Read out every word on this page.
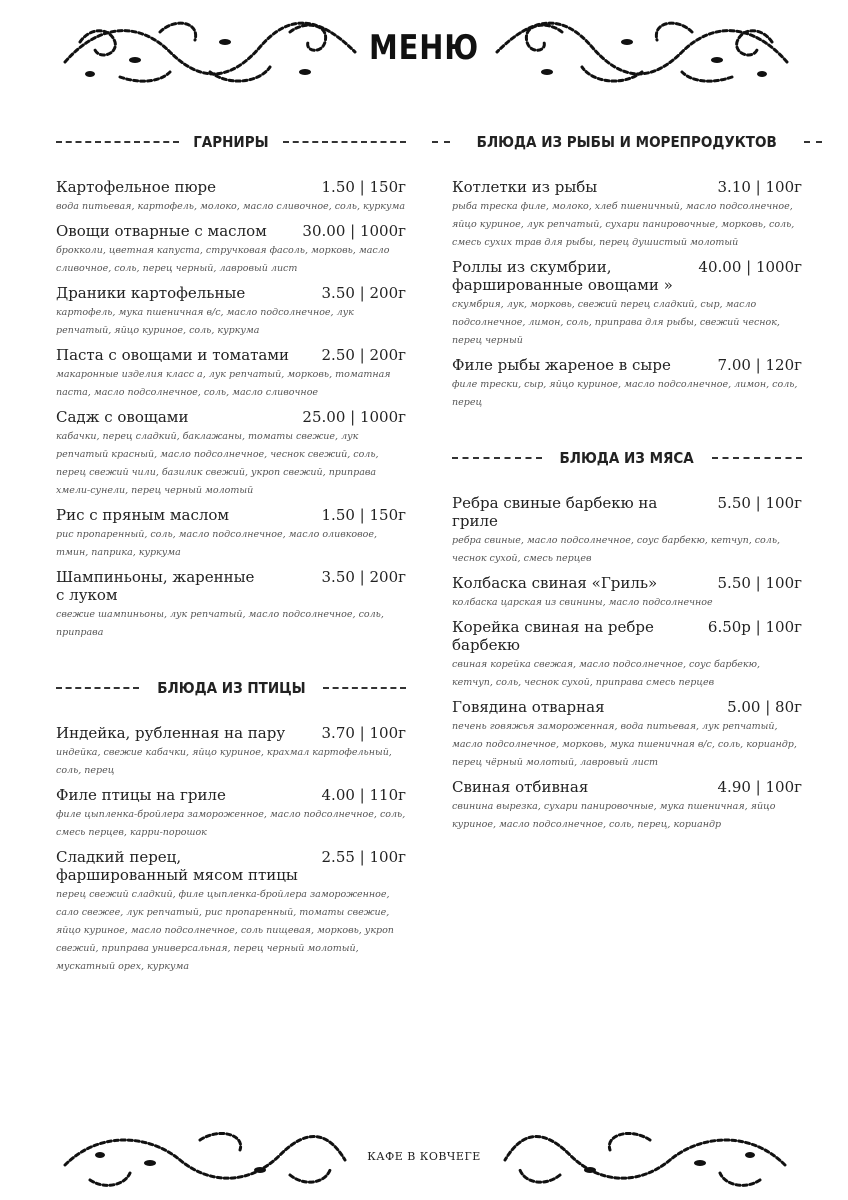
МЕНЮ
ГАРНИРЫ
Картофельное пюре	1.50 | 150г
вода питьевая, картофель, молоко, масло сливочное, соль, куркума
Овощи отварные с маслом	30.00 | 1000г
брокколи, цветная капуста, стручковая фасоль, морковь, масло сливочное, соль, перец черный, лавровый лист
Драники картофельные	3.50 | 200г
картофель, мука пшеничная в/с, масло подсолнечное, лук репчатый, яйцо куриное, соль, куркума
Паста с овощами и томатами	2.50 | 200г
макаронные изделия класс а, лук репчатый, морковь, томатная паста, масло подсолнечное, соль, масло сливочное
Садж с овощами	25.00 | 1000г
кабачки, перец сладкий, баклажаны, томаты свежие, лук репчатый красный, масло подсолнечное, чеснок свежий, соль, перец свежий чили, базилик свежий, укроп свежий, приправа хмели-сунели, перец черный молотый
Рис с пряным маслом	1.50 | 150г
рис пропаренный, соль, масло подсолнечное, масло оливковое, тмин, паприка, куркума
Шампиньоны, жаренные с луком
3.50 | 200г
свежие шампиньоны, лук репчатый, масло подсолнечное, соль, приправа
БЛЮДА ИЗ ПТИЦЫ
Индейка, рубленная на пару	3.70 | 100г
индейка, свежие кабачки, яйцо куриное, крахмал картофельный, соль, перец
Филе птицы на гриле	4.00 | 110г
филе цыпленка-бройлера замороженное, масло подсолнечное, соль, смесь перцев, карри-порошок
Сладкий перец, фаршированный мясом птицы
2.55 | 100г
перец свежий сладкий, филе цыпленка-бройлера замороженное, сало свежее, лук репчатый, рис пропаренный, томаты свежие, яйцо куриное, масло подсолнечное, соль пищевая, морковь, укроп свежий, приправа универсальная, перец черный молотый, мускатный орех, куркума
БЛЮДА ИЗ РЫБЫ И МОРЕПРОДУКТОВ
Котлетки из рыбы	3.10 | 100г
рыба треска филе, молоко, хлеб пшеничный, масло подсолнечное, яйцо куриное, лук репчатый, сухари панировочные, морковь, соль, смесь сухих трав для рыбы, перец душистый молотый
Роллы из скумбрии, фаршированные овощами »
40.00 | 1000г
скумбрия, лук, морковь, свежий перец сладкий, сыр, масло подсолнечное, лимон, соль, приправа для рыбы, свежий чеснок, перец черный
Филе рыбы жареное в сыре	7.00 | 120г
филе трески, сыр, яйцо куриное, масло подсолнечное, лимон, соль, перец
БЛЮДА ИЗ МЯСА
Ребра свиные барбекю на гриле
5.50 | 100г
ребра свиные, масло подсолнечное, соус барбекю, кетчуп, соль, чеснок сухой, смесь перцев
Колбаска свиная «Гриль»	5.50 | 100г
колбаска царская из свинины, масло подсолнечное
Корейка свиная на ребре барбекю
6.50р | 100г
свиная корейка свежая, масло подсолнечное, соус барбекю, кетчуп, соль, чеснок сухой, приправа смесь перцев
Говядина отварная	5.00 | 80г
печень говяжья замороженная, вода питьевая, лук репчатый, масло подсолнечное, морковь, мука пшеничная в/с, соль, кориандр, перец чёрный молотый, лавровый лист
Свиная отбивная	4.90 | 100г
свинина вырезка, сухари панировочные, мука пшеничная, яйцо куриное, масло подсолнечное, соль, перец, кориандр
КАФЕ В КОВЧЕГЕ
